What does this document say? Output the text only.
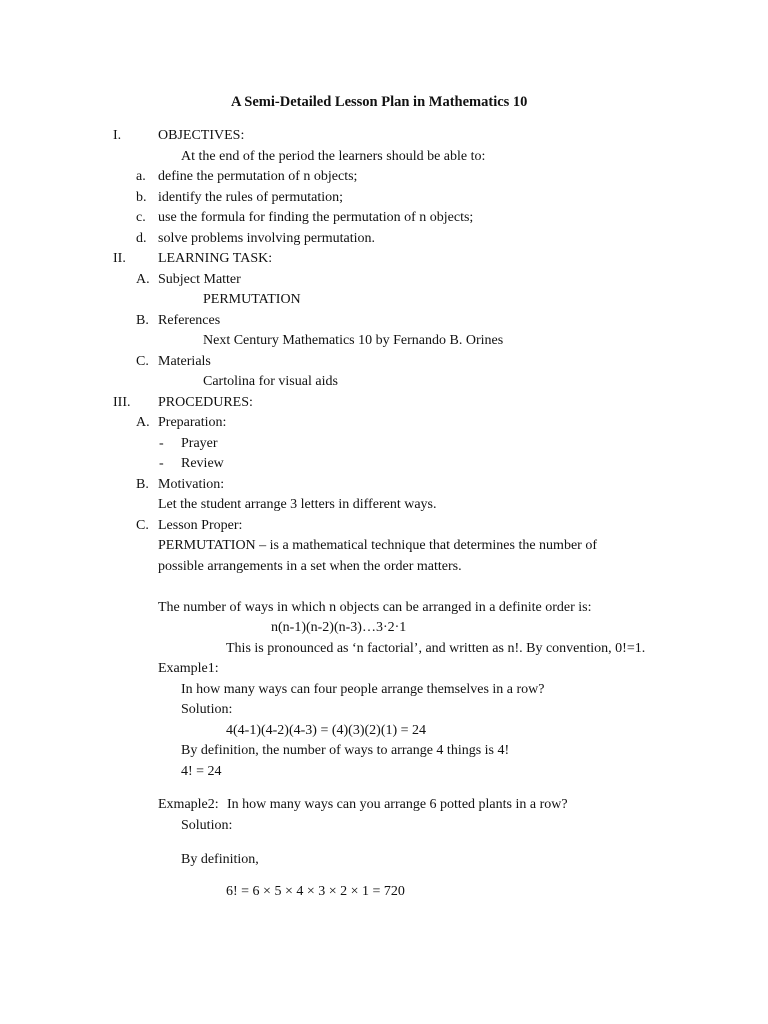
A Semi-Detailed Lesson Plan in Mathematics 10
I.	OBJECTIVES:
At the end of the period the learners should be able to:
a. define the permutation of n objects;
b. identify the rules of permutation;
c. use the formula for finding the permutation of n objects;
d. solve problems involving permutation.
II. LEARNING TASK:
A. Subject Matter
PERMUTATION
B. References
Next Century Mathematics 10 by Fernando B. Orines
C. Materials
Cartolina for visual aids
III. PROCEDURES:
A. Preparation:
- Prayer
- Review
B. Motivation:
Let the student arrange 3 letters in different ways.
C. Lesson Proper:
PERMUTATION – is a mathematical technique that determines the number of
possible arrangements in a set when the order matters.
The number of ways in which n objects can be arranged in a definite order is:
n(n-1)(n-2)(n-3)…3·2·1
This is pronounced as ‘n factorial’, and written as n!. By convention, 0!=1.
Example1:
In how many ways can four people arrange themselves in a row?
Solution:
4(4-1)(4-2)(4-3) = (4)(3)(2)(1) = 24
By definition, the number of ways to arrange 4 things is 4!
4! = 24
Exmaple2: In how many ways can you arrange 6 potted plants in a row?
Solution:
By definition,
6! = 6 × 5 × 4 × 3 × 2 × 1 = 720
